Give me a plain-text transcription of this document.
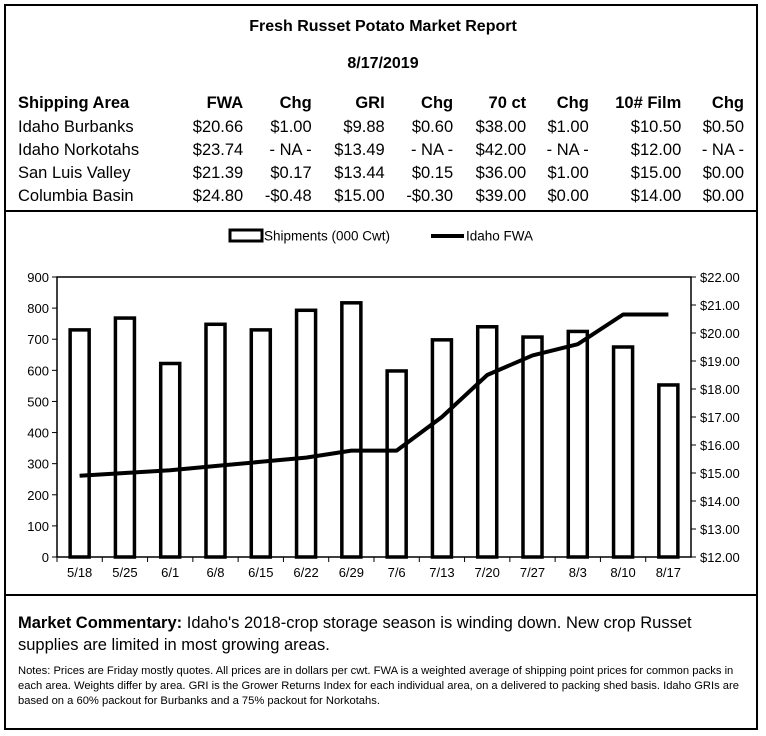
Fresh Russet Potato Market Report
8/17/2019
Shipping Area	FWA	Chg	GRI	Chg	70 ct	Chg	10# Film	Chg
Idaho Burbanks	$20.66	$1.00	$9.88	$0.60	$38.00	$1.00	$10.50	$0.50
Idaho Norkotahs	$23.74	- NA -	$13.49	- NA -	$42.00	- NA -	$12.00	- NA -
San Luis Valley	$21.39	$0.17	$13.44	$0.15	$36.00	$1.00	$15.00	$0.00
Columbia Basin	$24.80	-$0.48	$15.00	-$0.30	$39.00	$0.00	$14.00	$0.00
0
100
200
300
400
500
600
700
800
900
$12.00
$13.00
$14.00
$15.00
$16.00
$17.00
$18.00
$19.00
$20.00
$21.00
$22.00
5/18 5/25 6/1 6/8 6/15 6/22 6/29 7/6 7/13 7/20 7/27 8/3 8/10 8/17
Shipments (000 Cwt)	Idaho FWA
Market Commentary: Idaho's 2018-crop storage season is winding down. New crop Russet supplies are limited in most growing areas.
Notes: Prices are Friday mostly quotes. All prices are in dollars per cwt. FWA is a weighted average of shipping point prices for common packs in each area. Weights differ by area. GRI is the Grower Returns Index for each individual area, on a delivered to packing shed basis. Idaho GRIs are based on a 60% packout for Burbanks and a 75% packout for Norkotahs.
